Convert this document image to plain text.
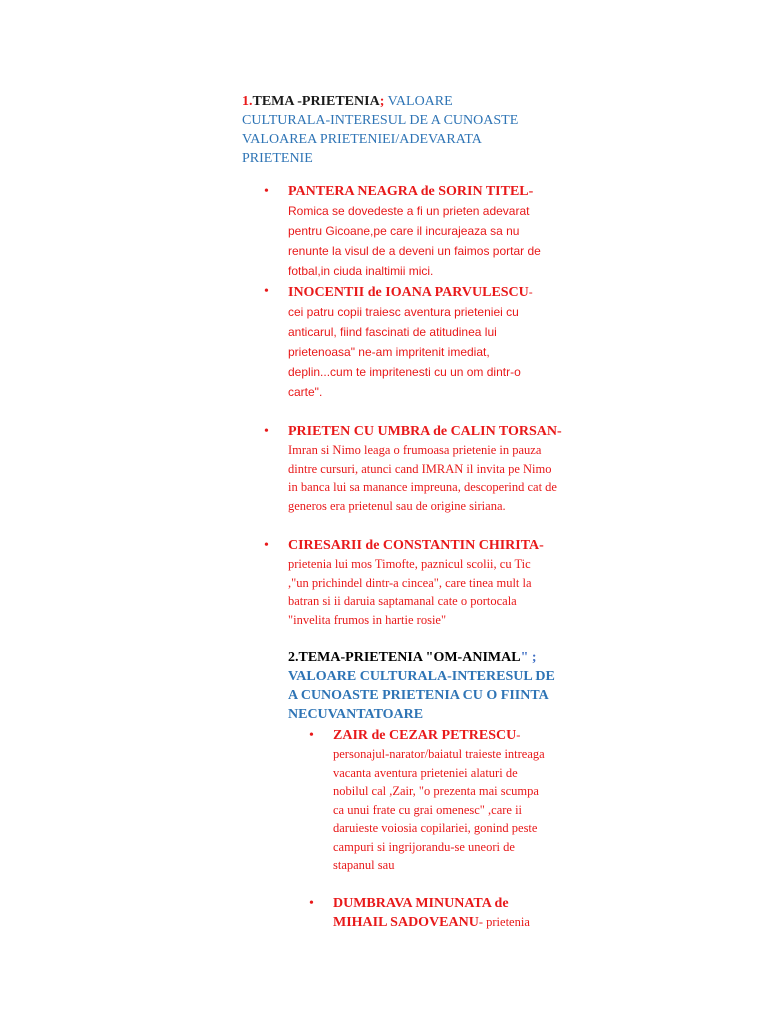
1.TEMA -PRIETENIA; VALOARE CULTURALA-INTERESUL DE A CUNOASTE VALOAREA PRIETENIEI/ADEVARATA PRIETENIE
• PANTERA NEAGRA de SORIN TITEL- Romica se dovedeste a fi un prieten adevarat pentru Gicoane,pe care il incurajeaza sa nu renunte la visul de a deveni un faimos portar de fotbal,in ciuda inaltimii mici.
• INOCENTII de IOANA PARVULESCU-cei patru copii traiesc aventura prieteniei cu anticarul, fiind fascinati de atitudinea lui prietenoasa" ne-am impritenit imediat, deplin...cum te impritenesti cu un om dintr-o carte".
• PRIETEN CU UMBRA de CALIN TORSAN- Imran si Nimo leaga o frumoasa prietenie in pauza dintre cursuri, atunci cand IMRAN il invita pe Nimo in banca lui sa manance impreuna, descoperind cat de generos era prietenul sau de origine siriana.
• CIRESARII de CONSTANTIN CHIRITA- prietenia lui mos Timofte, paznicul scolii, cu Tic ,"un prichindel dintr-a cincea", care tinea mult la batran si ii daruia saptamanal cate o portocala "invelita frumos in hartie rosie"
2.TEMA-PRIETENIA "OM-ANIMAL" ; VALOARE CULTURALA-INTERESUL DE A CUNOASTE PRIETENIA CU O FIINTA NECUVANTATOARE
• ZAIR de CEZAR PETRESCU-personajul-narator/baiatul traieste intreaga vacanta aventura prieteniei alaturi de nobilul cal ,Zair, "o prezenta mai scumpa ca unui frate cu grai omenesc" ,care ii daruieste voiosia copilariei, gonind peste campuri si ingrijorandu-se uneori de stapanul sau
• DUMBRAVA MINUNATA de MIHAIL SADOVEANU- prietenia
